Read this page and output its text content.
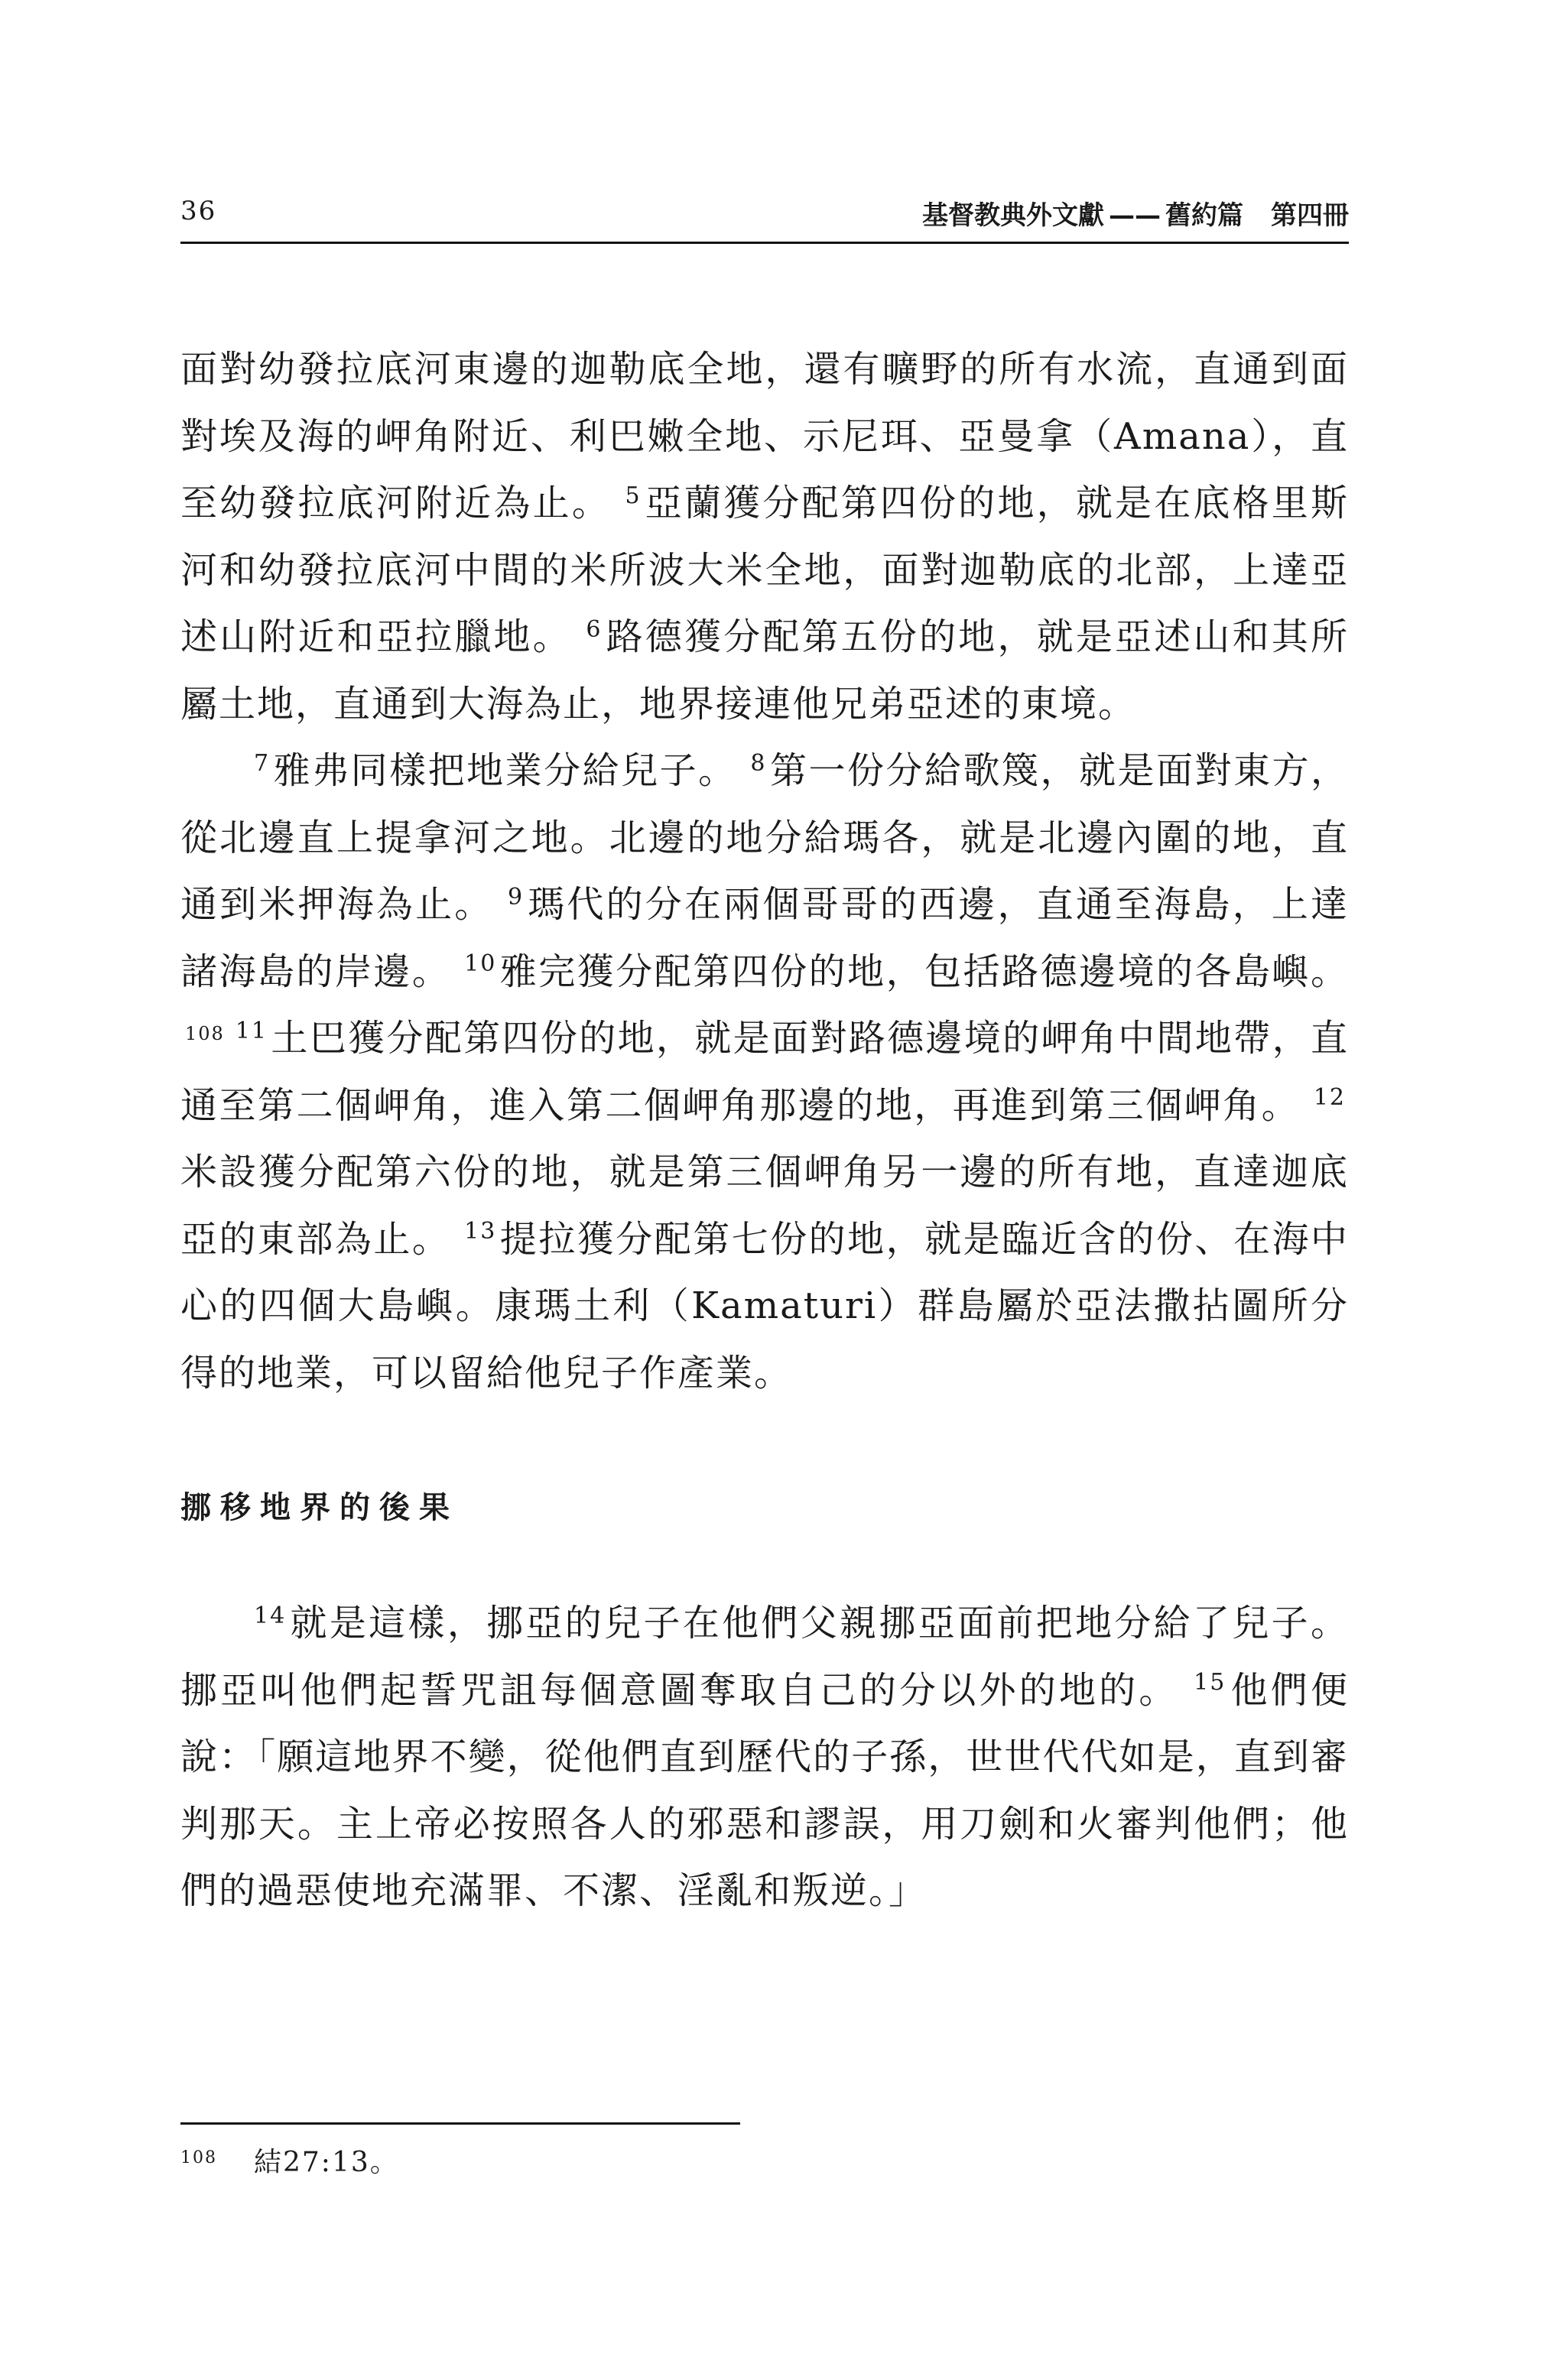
36	基督教典外文獻 —— 舊約篇 第四冊

面對幼發拉底河東邊的迦勒底全地，還有曠野的所有水流，直通到面對埃及海的岬角附近、利巴嫩全地、示尼珥、亞曼拿（Amana），直至幼發拉底河附近為止。 $^5$亞蘭獲分配第四份的地，就是在底格里斯河和幼發拉底河中間的米所波大米全地，面對迦勒底的北部，上達亞述山附近和亞拉臘地。 $^6$路德獲分配第五份的地，就是亞述山和其所屬土地，直通到大海為止，地界接連他兄弟亞述的東境。

$^7$雅弗同樣把地業分給兒子。 $^8$第一份分給歌篾，就是面對東方，從北邊直上提拿河之地。北邊的地分給瑪各，就是北邊內圍的地，直通到米押海為止。 $^9$瑪代的分在兩個哥哥的西邊，直通至海島，上達諸海島的岸邊。 $^{10}$雅完獲分配第四份的地，包括路德邊境的各島嶼。$^{108}$ $^{11}$土巴獲分配第四份的地，就是面對路德邊境的岬角中間地帶，直通至第二個岬角，進入第二個岬角那邊的地，再進到第三個岬角。 $^{12}$米設獲分配第六份的地，就是第三個岬角另一邊的所有地，直達迦底亞的東部為止。 $^{13}$提拉獲分配第七份的地，就是臨近含的份、在海中心的四個大島嶼。康瑪土利（Kamaturi）群島屬於亞法撒拈圖所分得的地業，可以留給他兒子作產業。

挪移地界的後果

$^{14}$就是這樣，挪亞的兒子在他們父親挪亞面前把地分給了兒子。挪亞叫他們起誓咒詛每個意圖奪取自己的分以外的地的。 $^{15}$他們便說：「願這地界不變，從他們直到歷代的子孫，世世代代如是，直到審判那天。主上帝必按照各人的邪惡和謬誤，用刀劍和火審判他們；他們的過惡使地充滿罪、不潔、淫亂和叛逆。」

$^{108}$ 結27:13。
